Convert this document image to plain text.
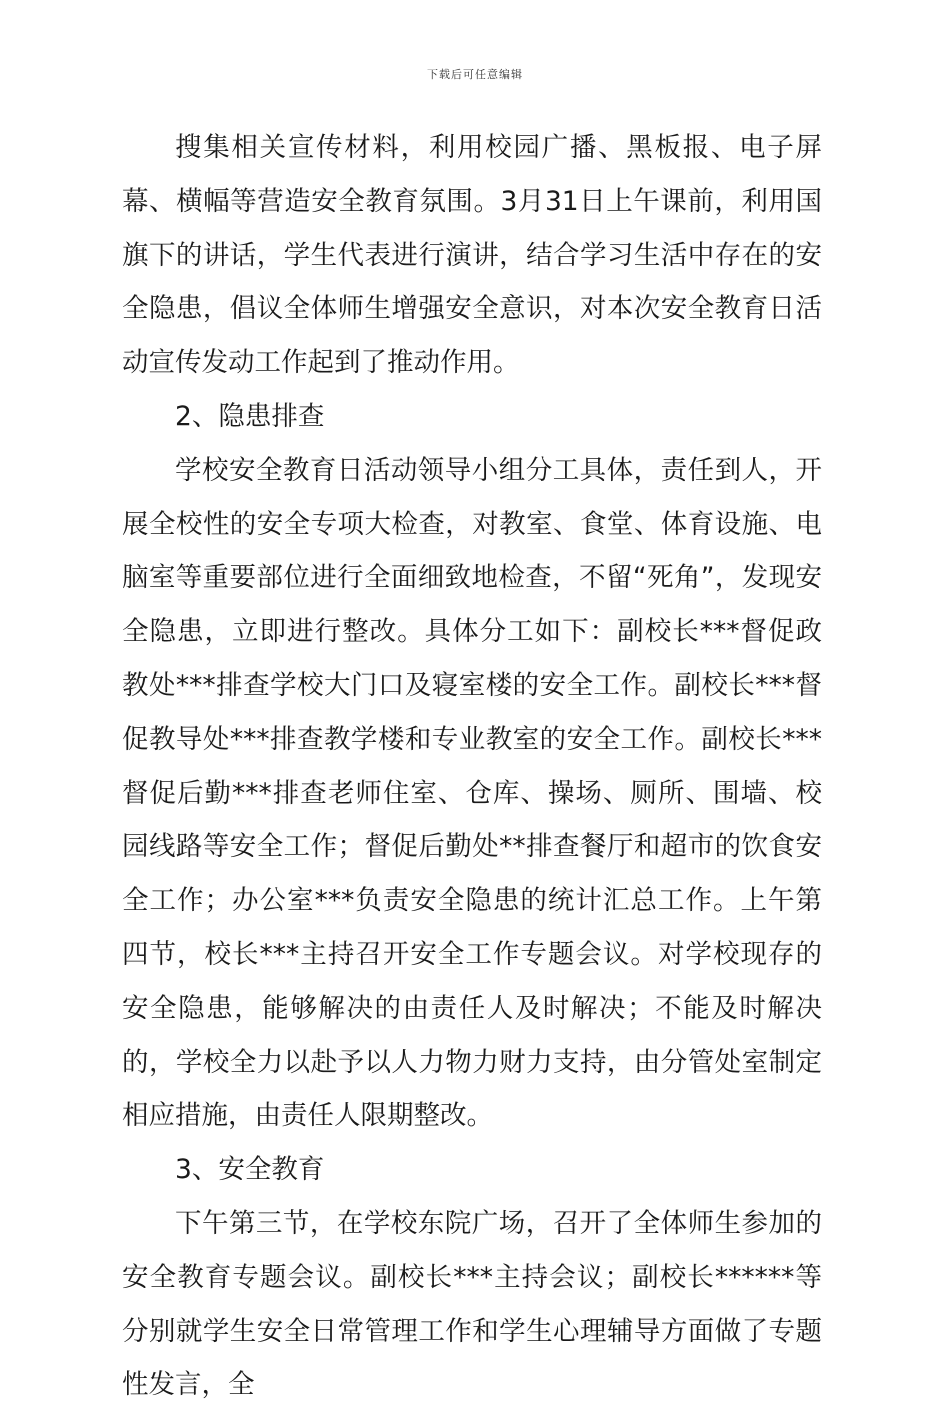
下载后可任意编辑

搜集相关宣传材料，利用校园广播、黑板报、电子屏幕、横幅等营造安全教育氛围。3月31日上午课前，利用国旗下的讲话，学生代表进行演讲，结合学习生活中存在的安全隐患，倡议全体师生增强安全意识，对本次安全教育日活动宣传发动工作起到了推动作用。

2、隐患排查

学校安全教育日活动领导小组分工具体，责任到人，开展全校性的安全专项大检查，对教室、食堂、体育设施、电脑室等重要部位进行全面细致地检查，不留“死角”，发现安全隐患，立即进行整改。具体分工如下：副校长***督促政教处***排查学校大门口及寝室楼的安全工作。副校长***督促教导处***排查教学楼和专业教室的安全工作。副校长***督促后勤***排查老师住室、仓库、操场、厕所、围墙、校园线路等安全工作；督促后勤处**排查餐厅和超市的饮食安全工作；办公室***负责安全隐患的统计汇总工作。上午第四节，校长***主持召开安全工作专题会议。对学校现存的安全隐患，能够解决的由责任人及时解决；不能及时解决的，学校全力以赴予以人力物力财力支持，由分管处室制定相应措施，由责任人限期整改。

3、安全教育

下午第三节，在学校东院广场，召开了全体师生参加的安全教育专题会议。副校长***主持会议；副校长******等分别就学生安全日常管理工作和学生心理辅导方面做了专题性发言，全
